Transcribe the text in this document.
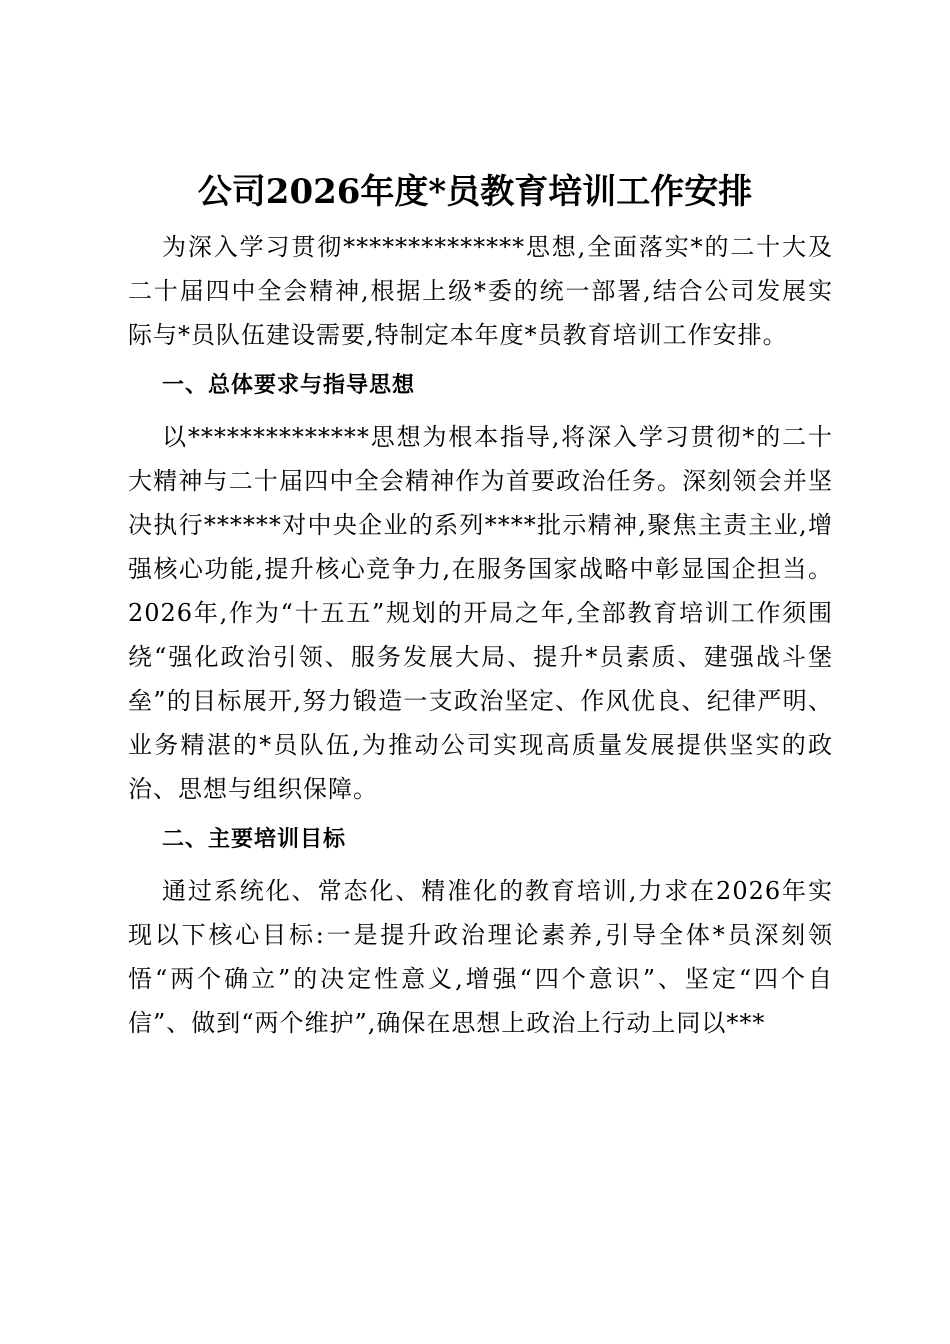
公司2026年度*员教育培训工作安排

为深入学习贯彻**************思想,全面落实*的二十大及二十届四中全会精神,根据上级*委的统一部署,结合公司发展实际与*员队伍建设需要,特制定本年度*员教育培训工作安排。

一、总体要求与指导思想

以**************思想为根本指导,将深入学习贯彻*的二十大精神与二十届四中全会精神作为首要政治任务。深刻领会并坚决执行******对中央企业的系列****批示精神,聚焦主责主业,增强核心功能,提升核心竞争力,在服务国家战略中彰显国企担当。2026年,作为“十五五”规划的开局之年,全部教育培训工作须围绕“强化政治引领、服务发展大局、提升*员素质、建强战斗堡垒”的目标展开,努力锻造一支政治坚定、作风优良、纪律严明、业务精湛的*员队伍,为推动公司实现高质量发展提供坚实的政治、思想与组织保障。

二、主要培训目标

通过系统化、常态化、精准化的教育培训,力求在2026年实现以下核心目标:一是提升政治理论素养,引导全体*员深刻领悟“两个确立”的决定性意义,增强“四个意识”、坚定“四个自信”、做到“两个维护”,确保在思想上政治上行动上同以***
